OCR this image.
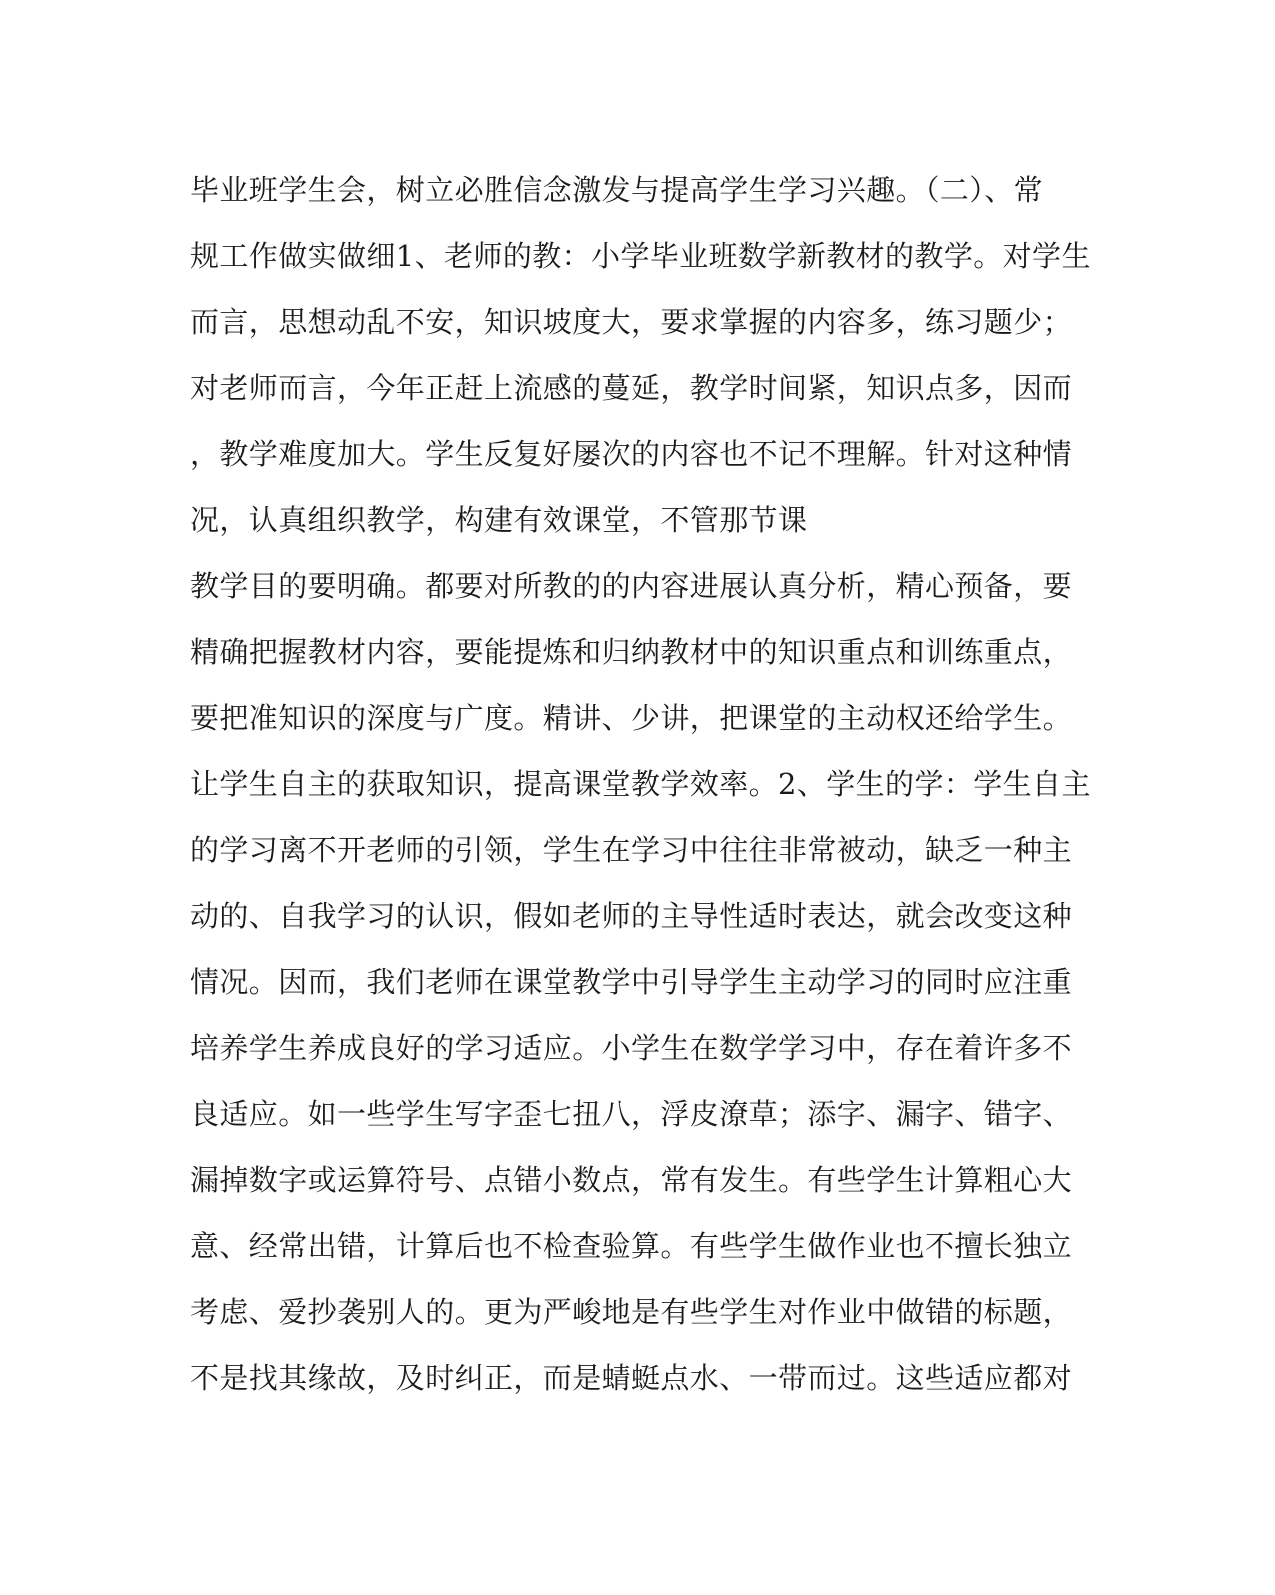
毕业班学生会，树立必胜信念激发与提高学生学习兴趣。（二）、常
规工作做实做细1、老师的教：小学毕业班数学新教材的教学。对学生
而言，思想动乱不安，知识坡度大，要求掌握的内容多，练习题少；
对老师而言，今年正赶上流感的蔓延，教学时间紧，知识点多，因而
，教学难度加大。学生反复好屡次的内容也不记不理解。针对这种情
况，认真组织教学，构建有效课堂，不管那节课
教学目的要明确。都要对所教的的内容进展认真分析，精心预备，要
精确把握教材内容，要能提炼和归纳教材中的知识重点和训练重点，
要把准知识的深度与广度。精讲、少讲，把课堂的主动权还给学生。
让学生自主的获取知识，提高课堂教学效率。2、学生的学：学生自主
的学习离不开老师的引领，学生在学习中往往非常被动，缺乏一种主
动的、自我学习的认识，假如老师的主导性适时表达，就会改变这种
情况。因而，我们老师在课堂教学中引导学生主动学习的同时应注重
培养学生养成良好的学习适应。小学生在数学学习中，存在着许多不
良适应。如一些学生写字歪七扭八，浮皮潦草；添字、漏字、错字、
漏掉数字或运算符号、点错小数点，常有发生。有些学生计算粗心大
意、经常出错，计算后也不检查验算。有些学生做作业也不擅长独立
考虑、爱抄袭别人的。更为严峻地是有些学生对作业中做错的标题，
不是找其缘故，及时纠正，而是蜻蜓点水、一带而过。这些适应都对
